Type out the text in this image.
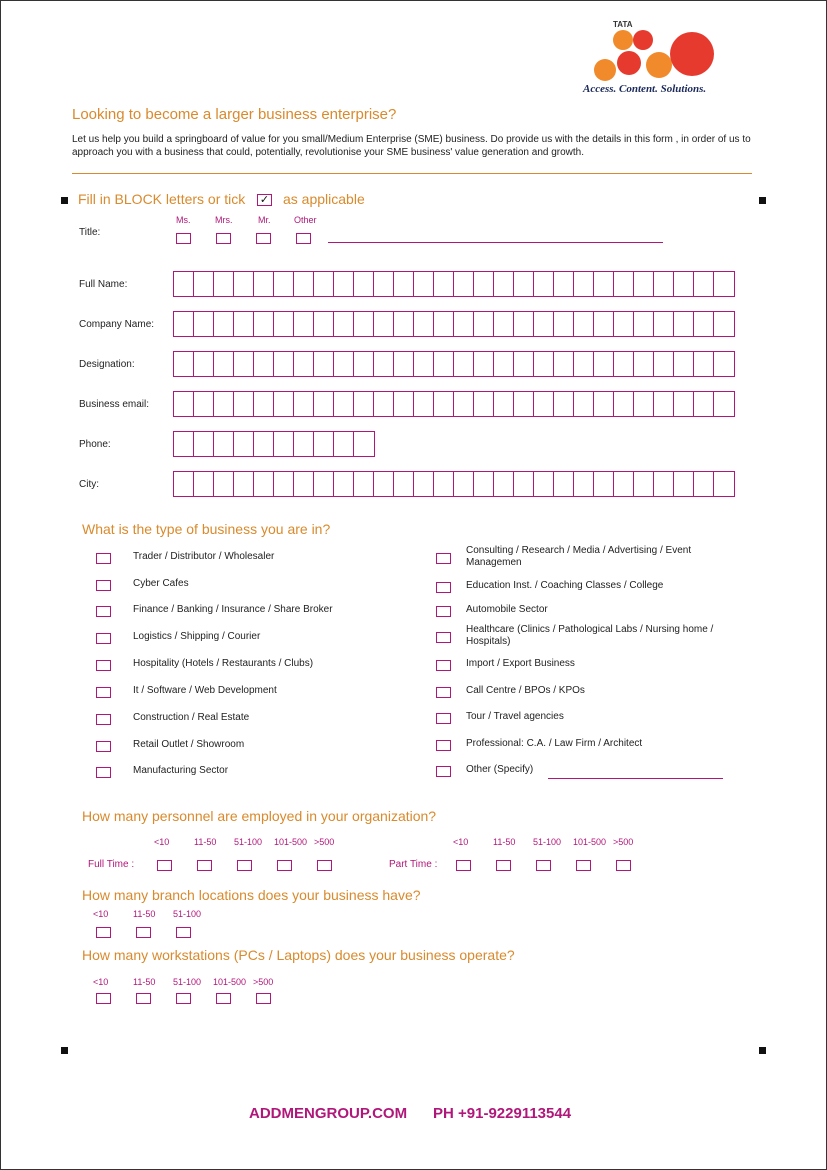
TATA
Access. Content. Solutions.
Looking to become a larger business enterprise?
Let us help you build a springboard of value for you small/Medium Enterprise (SME) business. Do provide us with the details in this form , in order of us to approach you with a business that could, potentially, revolutionise your SME business' value generation and growth.
Fill in BLOCK letters or tick ✓ as applicable
Title:
Ms.	Mrs.	Mr.	Other
Full Name:
Company Name:
Designation:
Business email:
Phone:
City:
What is the type of business you are in?
Trader / Distributor / Wholesaler
Cyber Cafes
Finance / Banking / Insurance / Share Broker
Logistics / Shipping / Courier
Hospitality (Hotels / Restaurants / Clubs)
It / Software / Web Development
Construction / Real Estate
Retail Outlet / Showroom
Manufacturing Sector
Consulting / Research / Media / Advertising / Event Managemen
Education Inst. / Coaching Classes / College
Automobile Sector
Healthcare (Clinics / Pathological Labs / Nursing home / Hospitals)
Import / Export Business
Call Centre / BPOs / KPOs
Tour / Travel agencies
Professional: C.A. / Law Firm / Architect
Other (Specify)
How many personnel are employed in your organization?
Full Time :	Part Time :
<10	11-50 51-100 101-500 >500	<10	11-50 51-100 101-500 >500
How many branch locations does your business have?
<10	11-50 51-100
How many workstations (PCs / Laptops) does your business operate?
<10	11-50 51-100 101-500 >500
ADDMENGROUP.COM PH +91-9229113544
